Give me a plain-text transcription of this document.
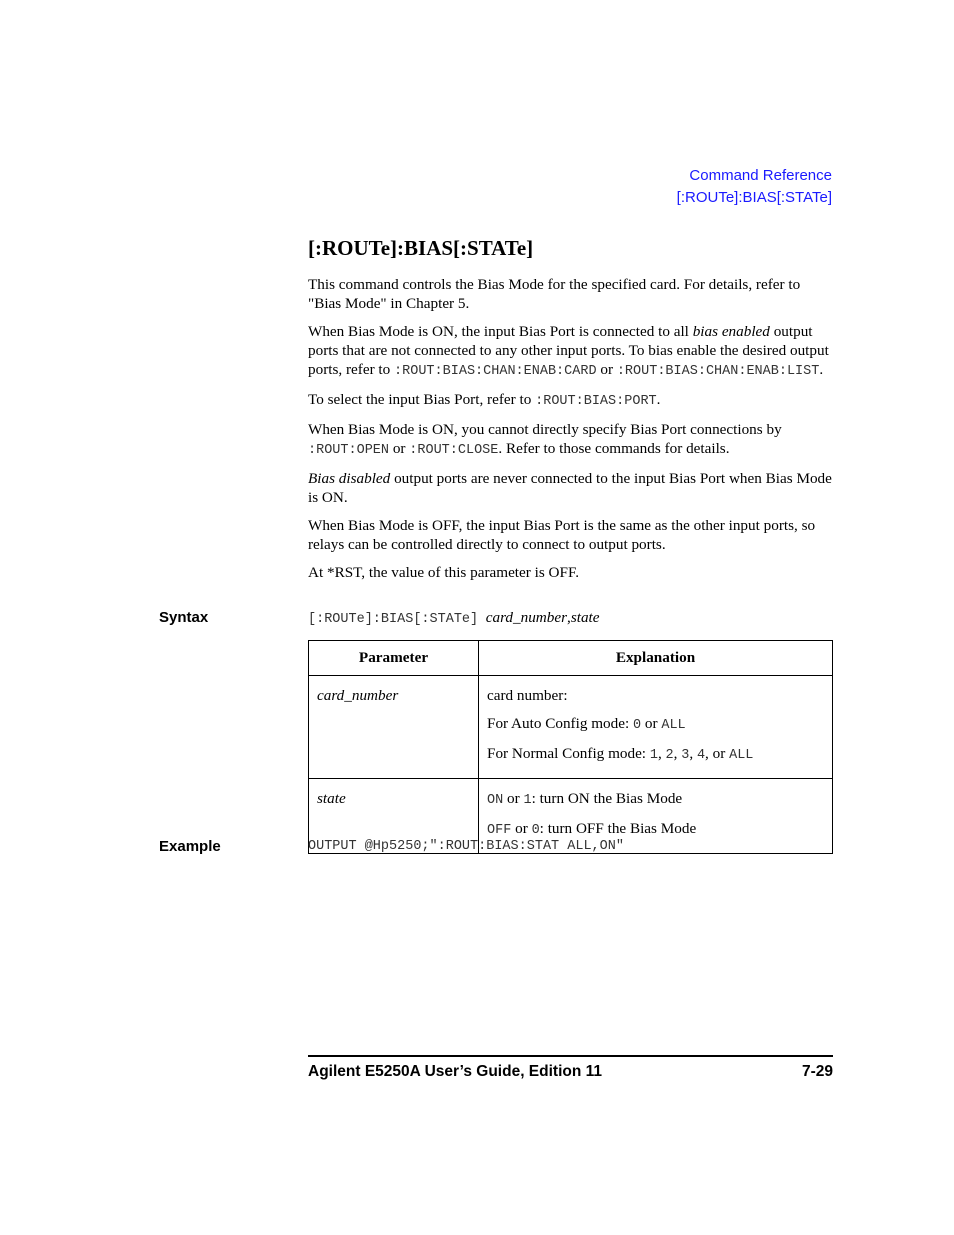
Command Reference
[:ROUTe]:BIAS[:STATe]
[:ROUTe]:BIAS[:STATe]

This command controls the Bias Mode for the specified card. For details, refer to "Bias Mode" in Chapter 5.

When Bias Mode is ON, the input Bias Port is connected to all bias enabled output ports that are not connected to any other input ports. To bias enable the desired output ports, refer to :ROUT:BIAS:CHAN:ENAB:CARD or :ROUT:BIAS:CHAN:ENAB:LIST.

To select the input Bias Port, refer to :ROUT:BIAS:PORT.

When Bias Mode is ON, you cannot directly specify Bias Port connections by :ROUT:OPEN or :ROUT:CLOSE. Refer to those commands for details.

Bias disabled output ports are never connected to the input Bias Port when Bias Mode is ON.

When Bias Mode is OFF, the input Bias Port is the same as the other input ports, so relays can be controlled directly to connect to output ports.

At *RST, the value of this parameter is OFF.

Syntax	[:ROUTe]:BIAS[:STATe] card_number,state
Parameter	Explanation
card_number	card number:
For Auto Config mode: 0 or ALL
For Normal Config mode: 1, 2, 3, 4, or ALL

state	ON or 1: turn ON the Bias Mode
OFF or 0: turn OFF the Bias Mode
Example	OUTPUT @Hp5250;":ROUT:BIAS:STAT ALL,ON"
Agilent E5250A User’s Guide, Edition 11	7-29
